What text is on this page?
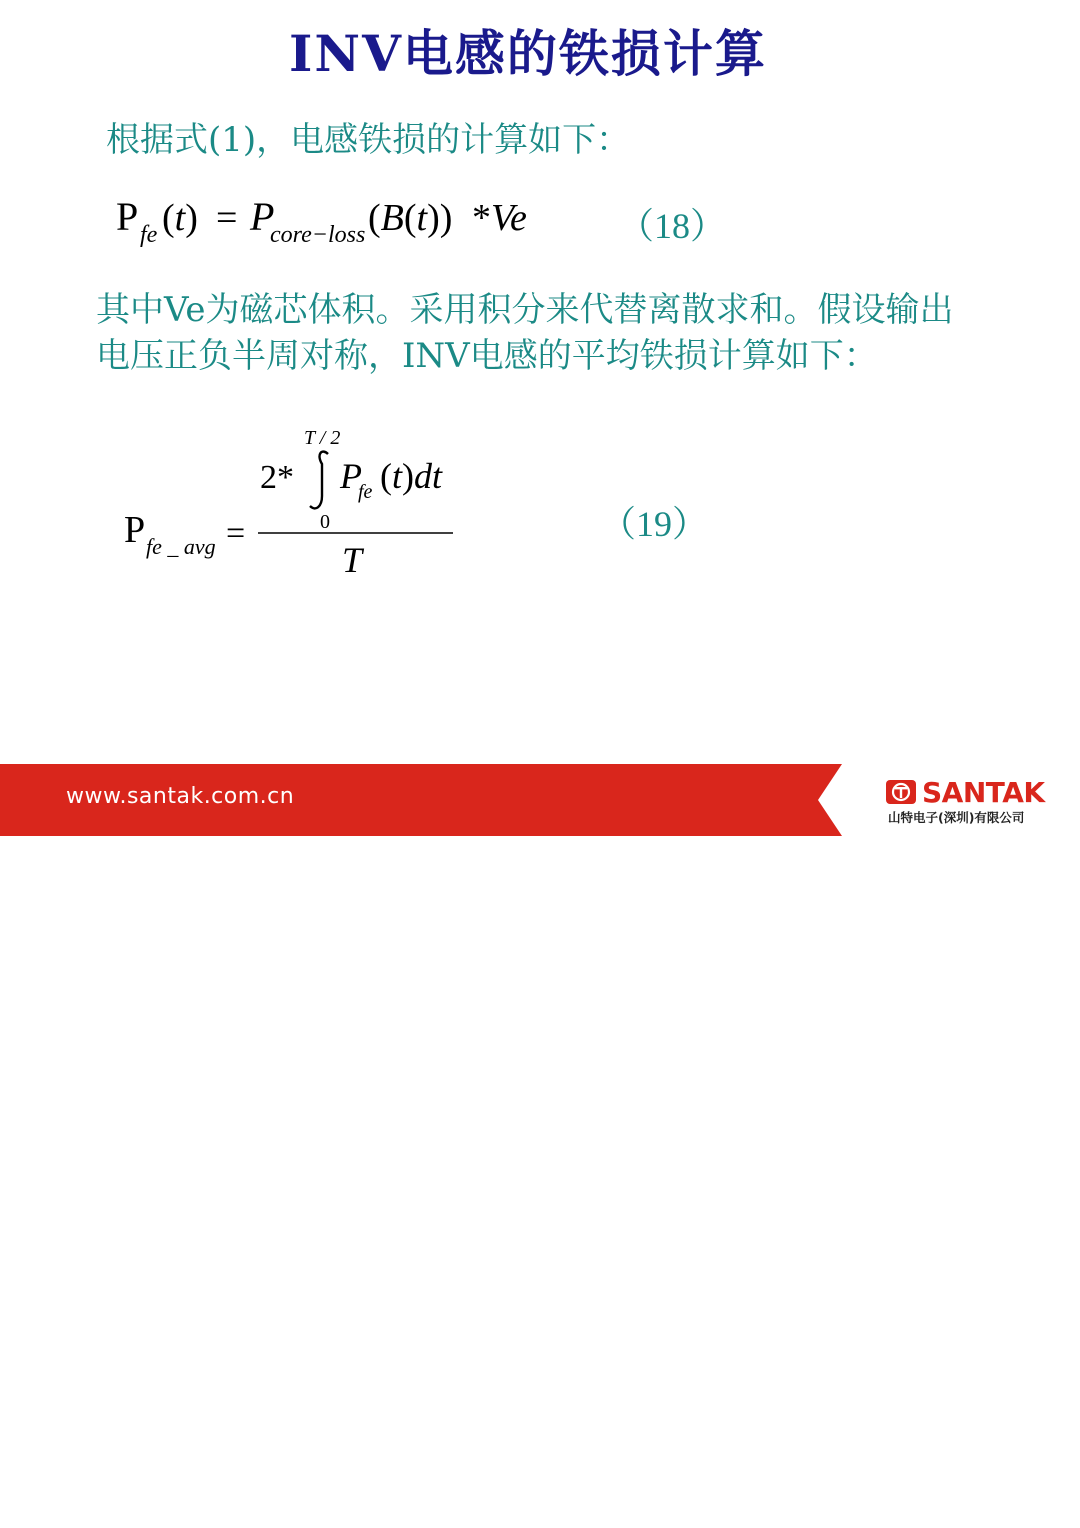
INV电感的铁损计算
根据式(1)，电感铁损的计算如下：
P fe (t) = P
core−loss (B(t)) *Ve	（18）
其中Ve为磁芯体积。采用积分来代替离散求和。假设输出
电压正负半周对称，INV电感的平均铁损计算如下：
P fe _ avg =
2*
T / 2
0
P
fe (t)dt
T
（19）
www.santak.com.cn	SANTAK
山特电子(深圳)有限公司
